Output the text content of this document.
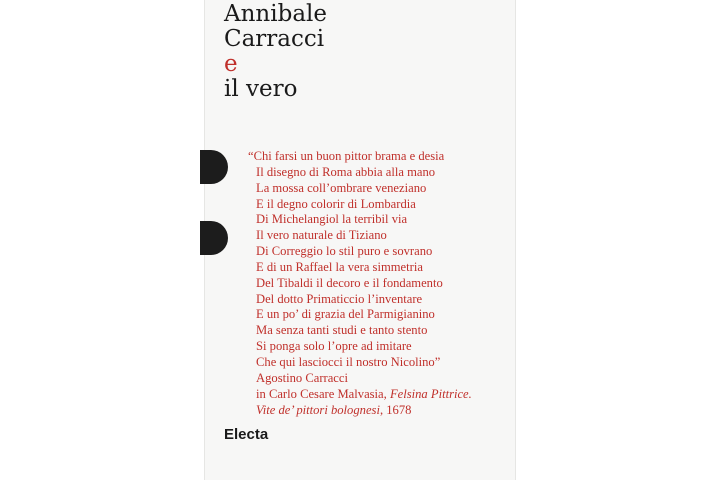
Annibale
Carracci
e
il vero
“Chi farsi un buon pittor brama e desia
Il disegno di Roma abbia alla mano
La mossa coll’ombrare veneziano
E il degno colorir di Lombardia
Di Michelangiol la terribil via
Il vero naturale di Tiziano
Di Correggio lo stil puro e sovrano
E di un Raffael la vera simmetria
Del Tibaldi il decoro e il fondamento
Del dotto Primaticcio l’inventare
E un po’ di grazia del Parmigianino
Ma senza tanti studi e tanto stento
Si ponga solo l’opre ad imitare
Che qui lasciocci il nostro Nicolino”
Agostino Carracci
in Carlo Cesare Malvasia, Felsina Pittrice.
Vite de’ pittori bolognesi, 1678
Electa
